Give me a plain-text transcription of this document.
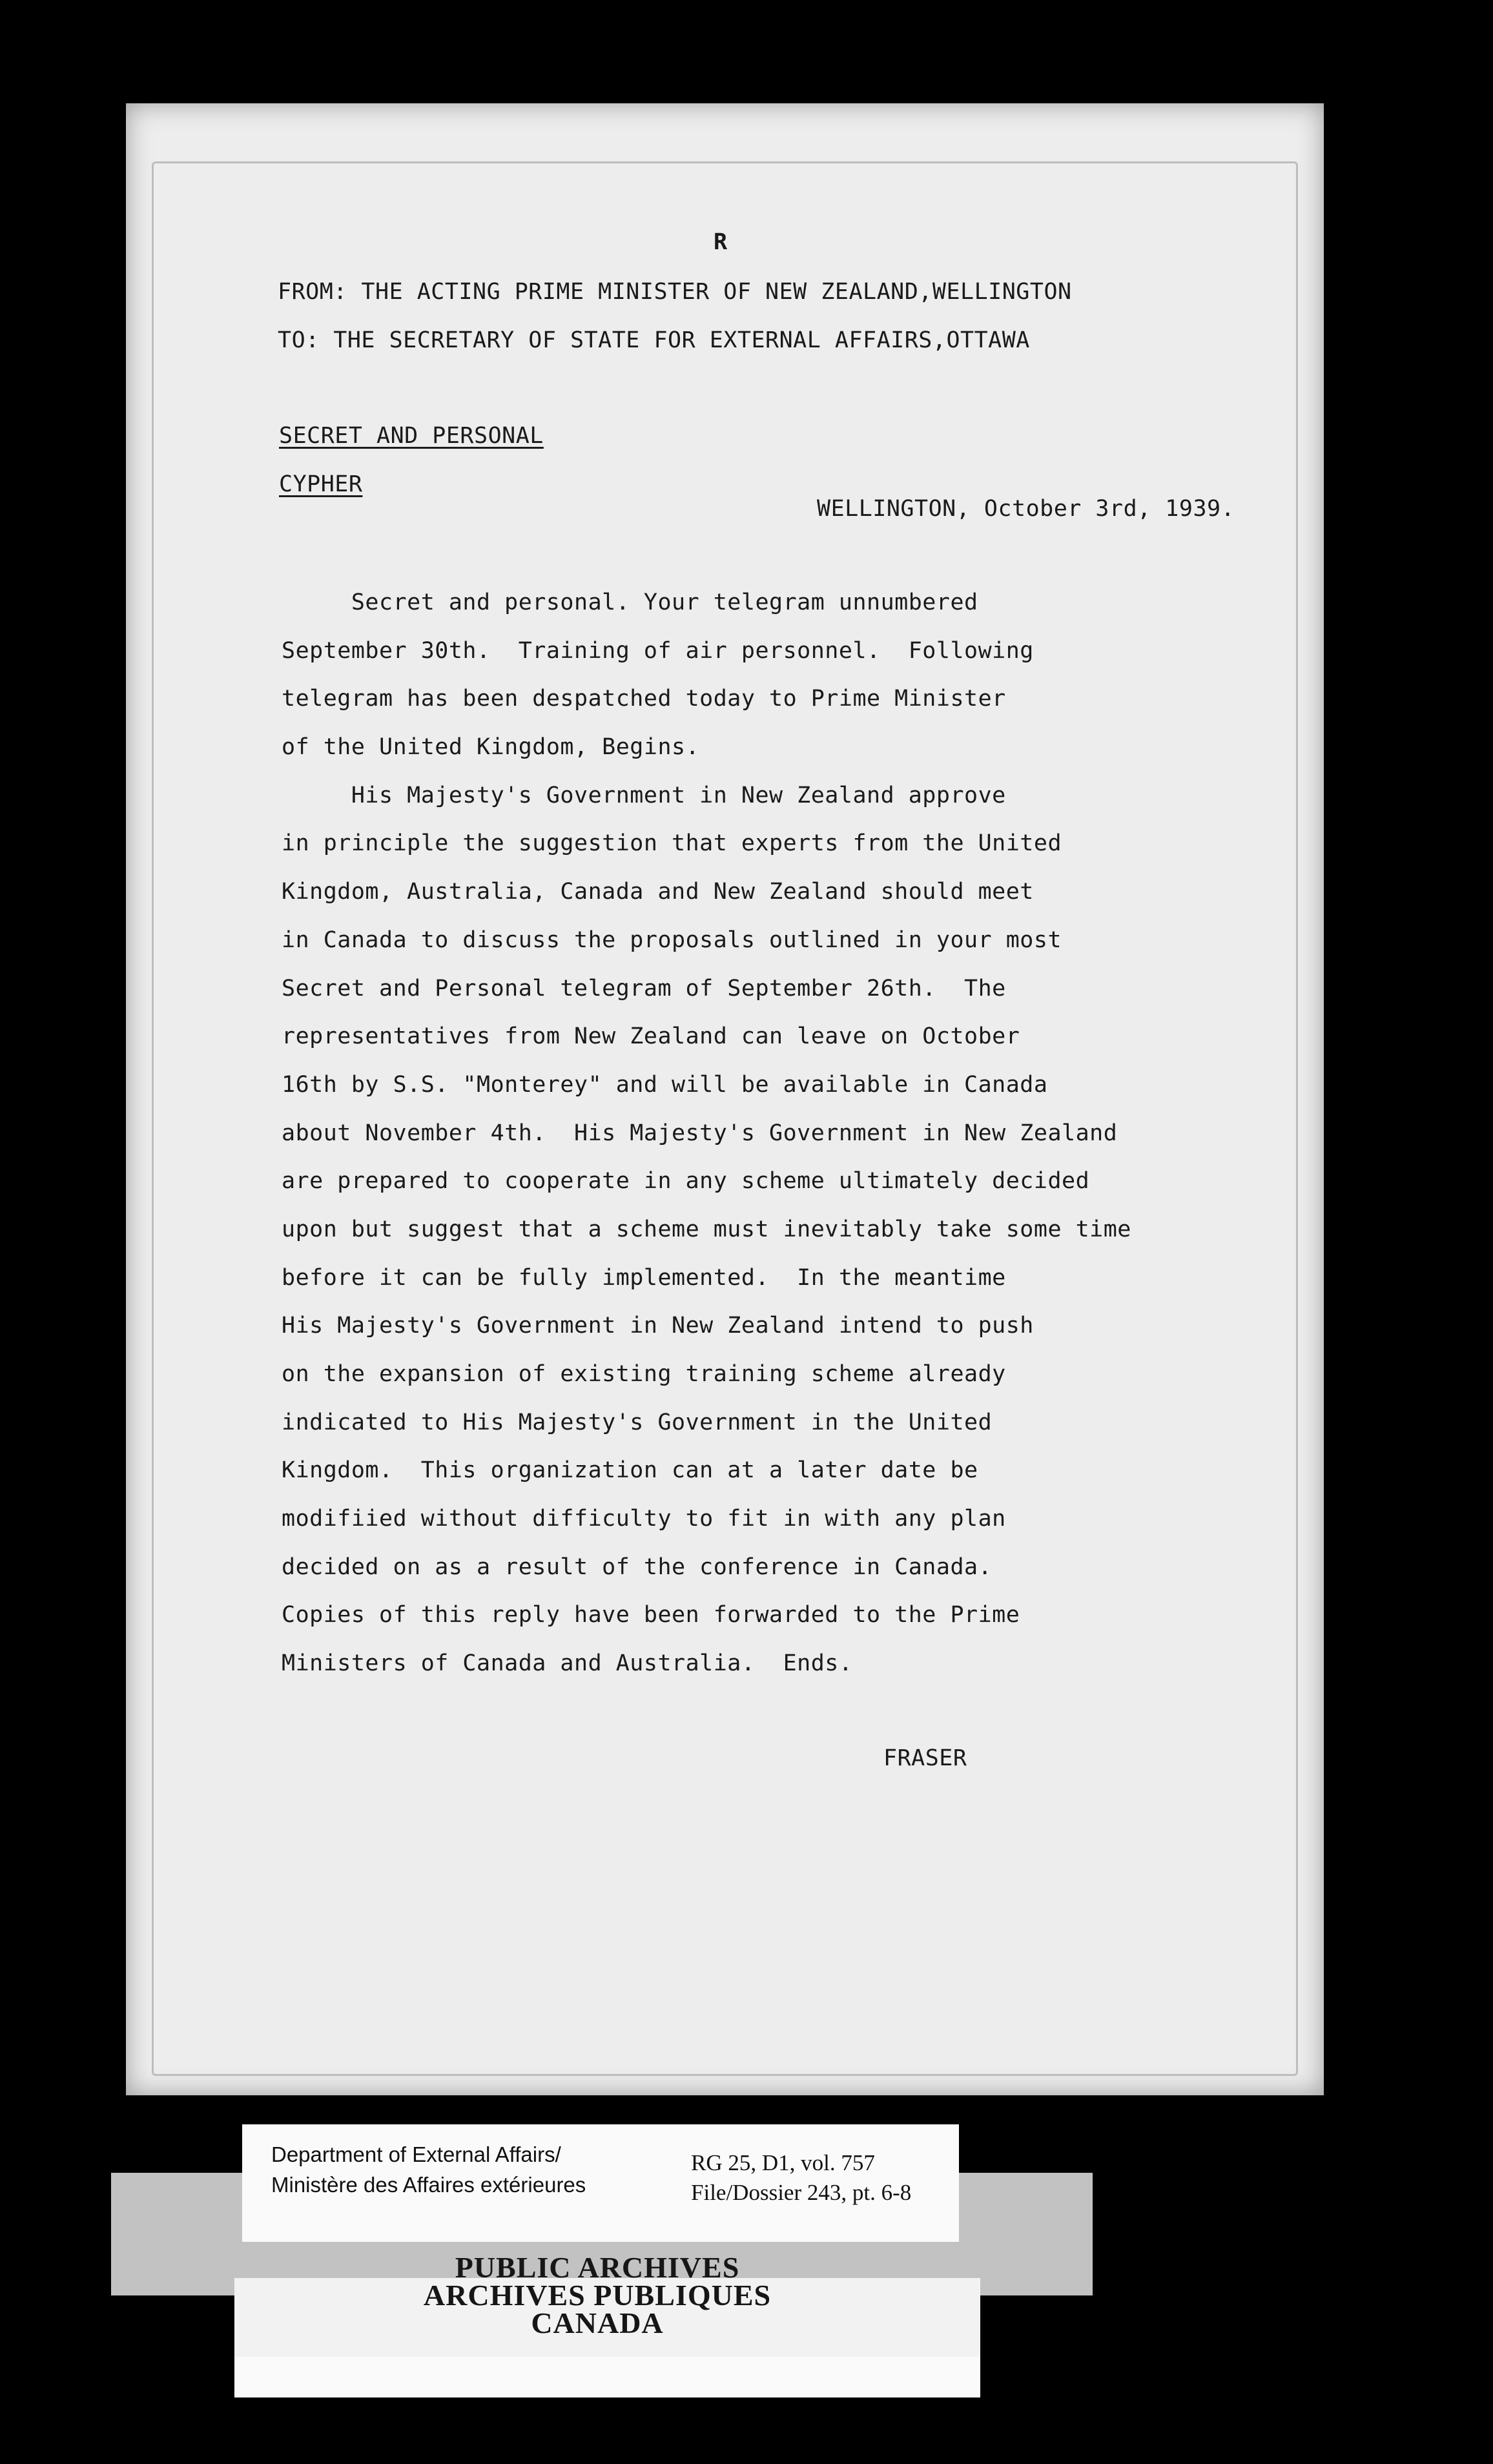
R
FROM: THE ACTING PRIME MINISTER OF NEW ZEALAND,WELLINGTON
TO: THE SECRETARY OF STATE FOR EXTERNAL AFFAIRS,OTTAWA
SECRET AND PERSONAL
CYPHER
WELLINGTON, October 3rd, 1939.
Secret and personal. Your telegram unnumbered
September 30th.  Training of air personnel.  Following
telegram has been despatched today to Prime Minister
of the United Kingdom, Begins.
His Majesty's Government in New Zealand approve
in principle the suggestion that experts from the United
Kingdom, Australia, Canada and New Zealand should meet
in Canada to discuss the proposals outlined in your most
Secret and Personal telegram of September 26th.  The
representatives from New Zealand can leave on October
16th by S.S. "Monterey" and will be available in Canada
about November 4th.  His Majesty's Government in New Zealand
are prepared to cooperate in any scheme ultimately decided
upon but suggest that a scheme must inevitably take some time
before it can be fully implemented.  In the meantime
His Majesty's Government in New Zealand intend to push
on the expansion of existing training scheme already
indicated to His Majesty's Government in the United
Kingdom.  This organization can at a later date be
modifiied without difficulty to fit in with any plan
decided on as a result of the conference in Canada.
Copies of this reply have been forwarded to the Prime
Ministers of Canada and Australia.  Ends.
FRASER
Department of External Affairs/
Ministère des Affaires extérieures
RG 25, D1, vol. 757
File/Dossier 243, pt. 6-8
PUBLIC ARCHIVES
ARCHIVES PUBLIQUES
CANADA
